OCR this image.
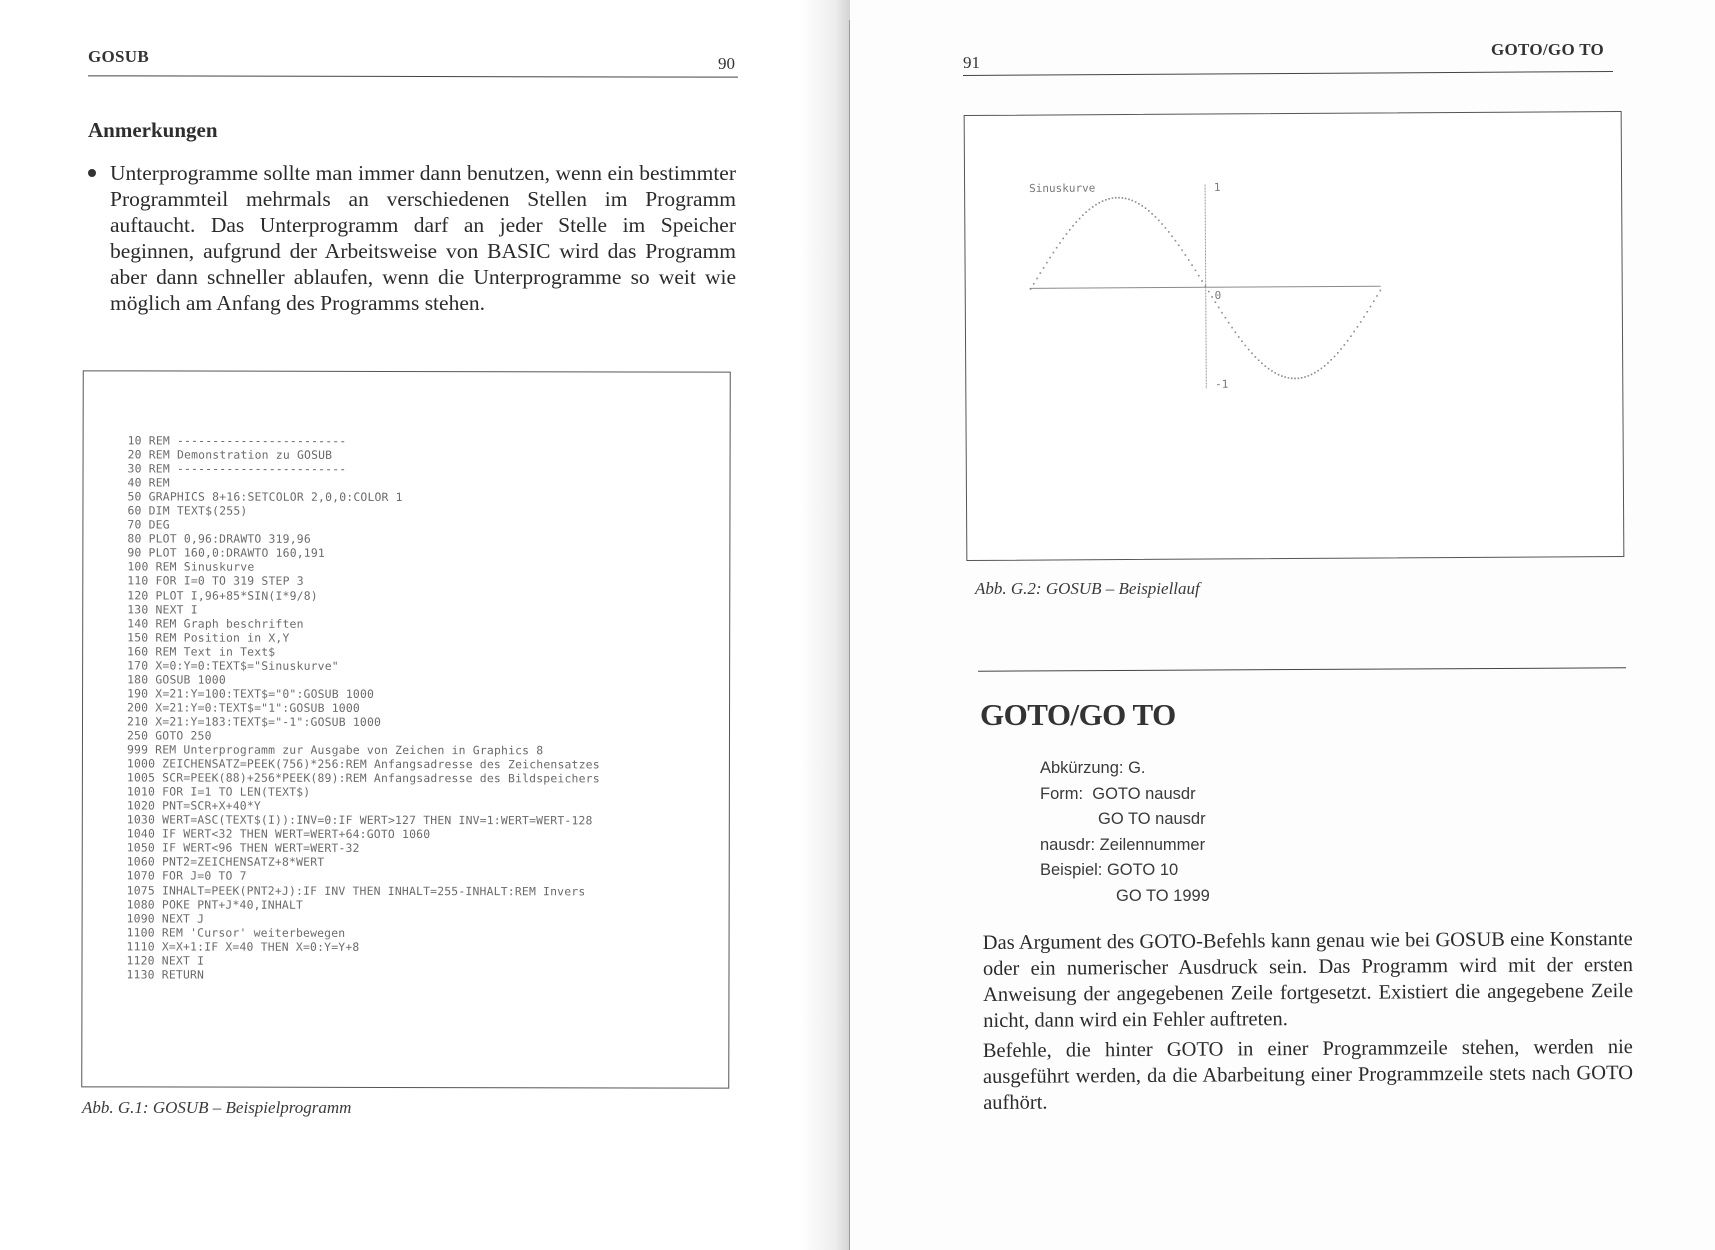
GOSUB	90
Anmerkungen
Unterprogramme sollte man immer dann benutzen, wenn ein bestimmter Programmteil mehrmals an verschiedenen Stellen im Programm auftaucht. Das Unterprogramm darf an jeder Stelle im Speicher beginnen, aufgrund der Arbeitsweise von BASIC wird das Programm aber dann schneller ablaufen, wenn die Unterprogramme so weit wie möglich am Anfang des Programms stehen.
10 REM ------------------------
20 REM Demonstration zu GOSUB
30 REM ------------------------
40 REM
50 GRAPHICS 8+16:SETCOLOR 2,0,0:COLOR 1
60 DIM TEXT$(255)
70 DEG
80 PLOT 0,96:DRAWTO 319,96
90 PLOT 160,0:DRAWTO 160,191
100 REM Sinuskurve
110 FOR I=0 TO 319 STEP 3
120 PLOT I,96+85*SIN(I*9/8)
130 NEXT I
140 REM Graph beschriften
150 REM Position in X,Y
160 REM Text in Text$
170 X=0:Y=0:TEXT$="Sinuskurve"
180 GOSUB 1000
190 X=21:Y=100:TEXT$="0":GOSUB 1000
200 X=21:Y=0:TEXT$="1":GOSUB 1000
210 X=21:Y=183:TEXT$="-1":GOSUB 1000
250 GOTO 250
999 REM Unterprogramm zur Ausgabe von Zeichen in Graphics 8
1000 ZEICHENSATZ=PEEK(756)*256:REM Anfangsadresse des Zeichensatzes
1005 SCR=PEEK(88)+256*PEEK(89):REM Anfangsadresse des Bildspeichers
1010 FOR I=1 TO LEN(TEXT$)
1020 PNT=SCR+X+40*Y
1030 WERT=ASC(TEXT$(I)):INV=0:IF WERT>127 THEN INV=1:WERT=WERT-128
1040 IF WERT<32 THEN WERT=WERT+64:GOTO 1060
1050 IF WERT<96 THEN WERT=WERT-32
1060 PNT2=ZEICHENSATZ+8*WERT
1070 FOR J=0 TO 7
1075 INHALT=PEEK(PNT2+J):IF INV THEN INHALT=255-INHALT:REM Invers
1080 POKE PNT+J*40,INHALT
1090 NEXT J
1100 REM 'Cursor' weiterbewegen
1110 X=X+1:IF X=40 THEN X=0:Y=Y+8
1120 NEXT I
1130 RETURN
Abb. G.1: GOSUB – Beispielprogramm
91
GOTO/GO TO
Sinuskurve	1
0
-1
Abb. G.2: GOSUB – Beispiellauf
GOTO/GO TO
Abkürzung: G.
Form: GOTO nausdr
GO TO nausdr
nausdr: Zeilennummer
Beispiel: GOTO 10
GO TO 1999
Das Argument des GOTO-Befehls kann genau wie bei GOSUB eine Konstante oder ein numerischer Ausdruck sein. Das Programm wird mit der ersten Anweisung der angegebenen Zeile fortgesetzt. Existiert die angegebene Zeile nicht, dann wird ein Fehler auftreten.
Befehle, die hinter GOTO in einer Programmzeile stehen, werden nie ausgeführt werden, da die Abarbeitung einer Programmzeile stets nach GOTO aufhört.
